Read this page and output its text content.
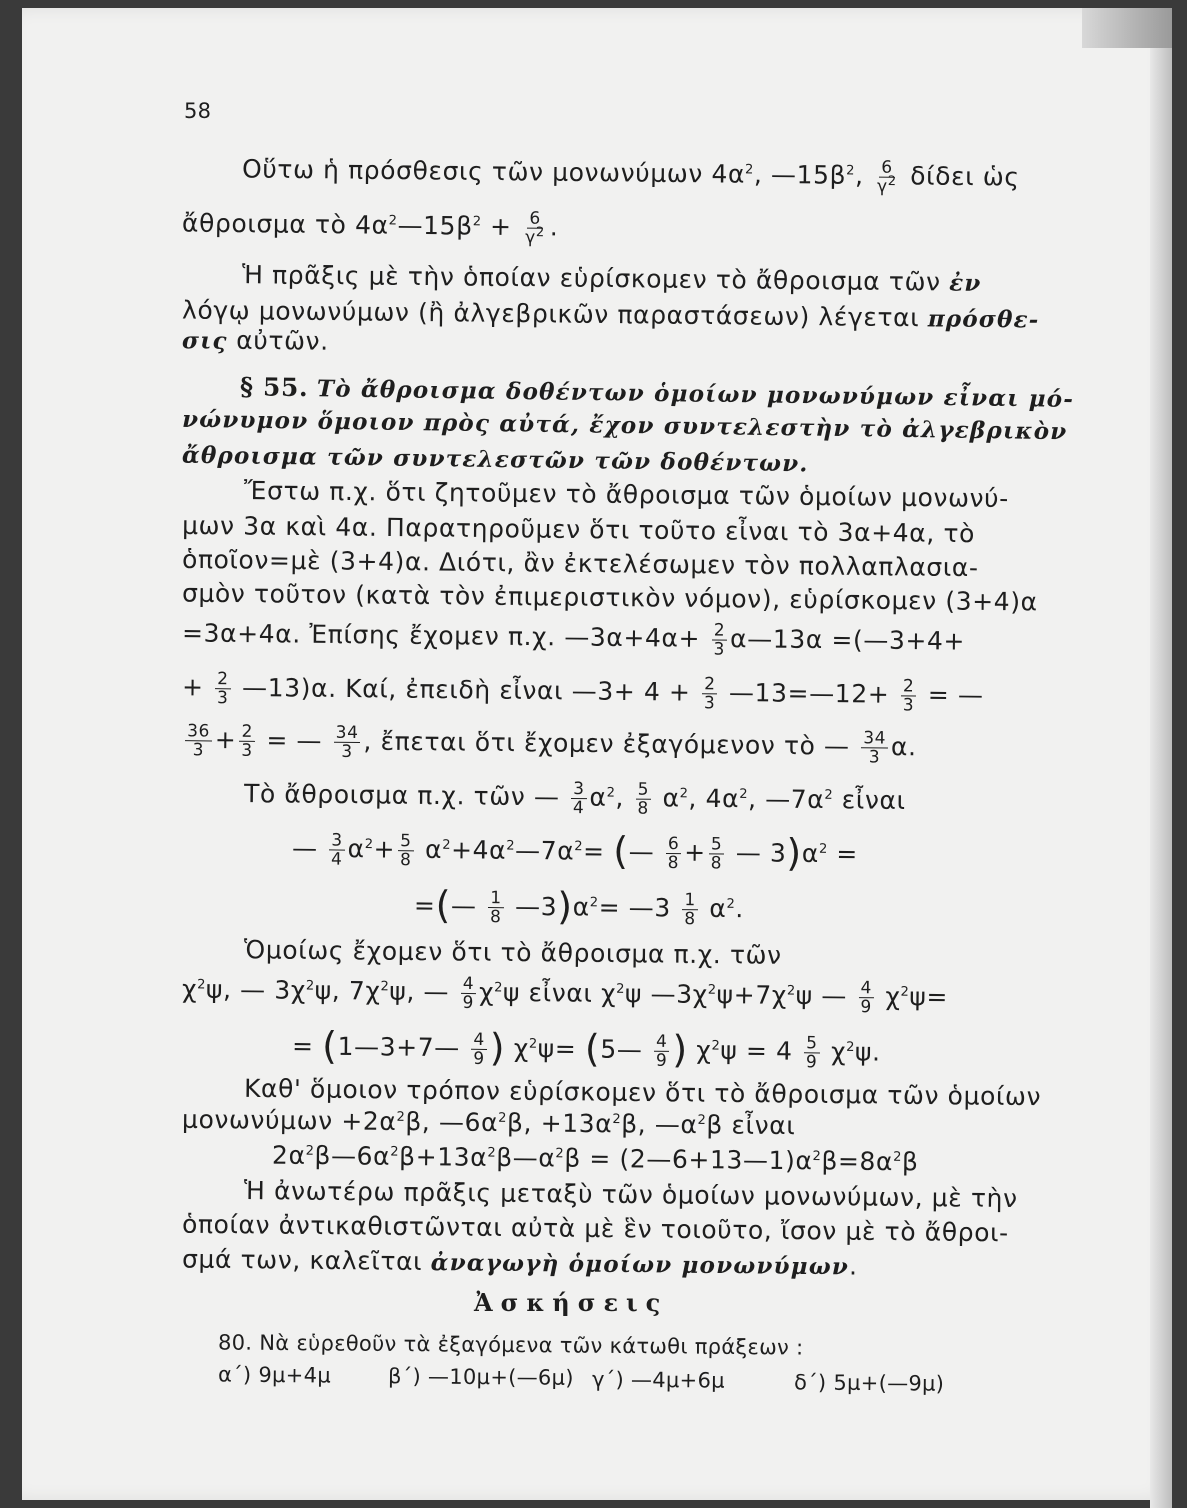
58
Οὕτω ἡ πρόσθεσις τῶν μονωνύμων $4\alpha^2$, $—15\beta^2$, $\frac{6}{\gamma^2}$ δίδει ὡς
ἄθροισμα τὸ $4\alpha^2—15\beta^2 + \frac{6}{\gamma^2}$ .
Ἡ πρᾶξις μὲ τὴν ὁποίαν εὑρίσκομεν τὸ ἄθροισμα τῶν ἐν
λόγῳ μονωνύμων (ἢ ἀλγεβρικῶν παραστάσεων) λέγεται πρόσθε-
σις αὐτῶν.
§ 55. Τὸ ἄθροισμα δοθέντων ὁμοίων μονωνύμων εἶναι μό-
νώνυμον ὅμοιον πρὸς αὐτά, ἔχον συντελεστὴν τὸ ἀλγεβρικὸν
ἄθροισμα τῶν συντελεστῶν τῶν δοθέντων.
Ἔστω π.χ. ὅτι ζητοῦμεν τὸ ἄθροισμα τῶν ὁμοίων μονωνύ-
μων 3α καὶ 4α. Παρατηροῦμεν ὅτι τοῦτο εἶναι τὸ 3α+4α, τὸ
ὁποῖον=μὲ (3+4)α. Διότι, ἂν ἐκτελέσωμεν τὸν πολλαπλασια-
σμὸν τοῦτον (κατὰ τὸν ἐπιμεριστικὸν νόμον), εὑρίσκομεν (3+4)α
=3α+4α. Ἐπίσης ἔχομεν π.χ. —3α+4α+ $\frac{2}{3}$ α—13α =(—3+4+
+ $\frac{2}{3}$ —13)α. Καί, ἐπειδὴ εἶναι —3+ $4 + \frac{2}{3}$ —13=—12+ $\frac{2}{3}$ = —
$\frac{36}{3} + \frac{2}{3}$ = — $\frac{34}{3}$ , ἔπεται ὅτι ἔχομεν ἐξαγόμενον τὸ — $\frac{34}{3} \alpha$.
Τὸ ἄθροισμα π.χ. τῶν — $\frac{3}{4} \alpha^2$, $\frac{5}{8} \alpha^2$, $4\alpha^2$, $—7\alpha^2$ εἶναι
— $\frac{3}{4} \alpha^2+ \frac{5}{8}$ $\alpha^2+4\alpha^2—7\alpha^2=$ (— $\frac{6}{8} + \frac{5}{8}$ — $3)\alpha^2$ =
=(— $\frac{1}{8}$ $—3)\alpha^2=$ —3 $\frac{1}{8} \alpha^2$.
Ὁμοίως ἔχομεν ὅτι τὸ ἄθροισμα π.χ. τῶν
$\chi^2\psi$, — $3\chi^2\psi$, $7\chi^2\psi$, — $\frac{4}{9} \chi^2\psi$ εἶναι $\chi^2\psi$ $—3\chi^2\psi+7\chi^2\psi$ — $\frac{4}{9} \chi^2\psi=$
= (1—3+7— $\frac{4}{9}$ ) $\chi^2\psi=$ (5— $\frac{4}{9}$ ) $\chi^2\psi = 4 \frac{5}{9} \chi^2\psi$.
Καθ' ὅμοιον τρόπον εὑρίσκομεν ὅτι τὸ ἄθροισμα τῶν ὁμοίων
$\mu o\nu\omega\nu ύ\mu\omega\nu +2\alpha^2\beta$, $—6\alpha^2\beta$, $+13\alpha^2\beta$, $—\alpha^2\beta$ εἶναι
$2\alpha^2\beta—6\alpha^2\beta+13\alpha^2\beta—\alpha^2\beta$ = $(2—6+13—1)\alpha^2\beta=8\alpha^2\beta$
Ἡ ἀνωτέρω πρᾶξις μεταξὺ τῶν ὁμοίων μονωνύμων, μὲ τὴν
ὁποίαν ἀντικαθιστῶνται αὐτὰ μὲ ἓν τοιοῦτο, ἴσον μὲ τὸ ἄθροι-
σμά των, καλεῖται ἀναγωγὴ ὁμοίων μονωνύμων.
Ἀσκήσεις
80. Νὰ εὑρεθοῦν τὰ ἐξαγόμενα τῶν κάτωθι πράξεων :
α΄) 9μ+4μ	β΄) —10μ+(—6μ) γ΄) —4μ+6μ	δ΄) 5μ+(—9μ)
